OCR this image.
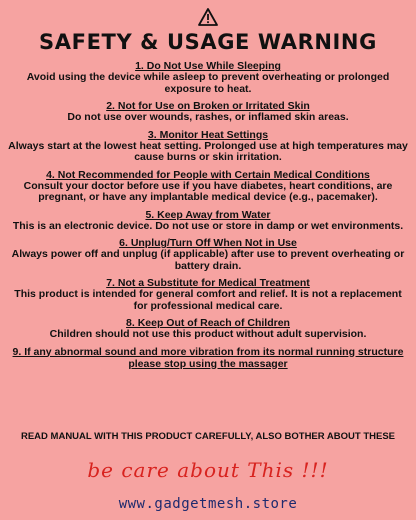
SAFETY & USAGE WARNING
1. Do Not Use While Sleeping
Avoid using the device while asleep to prevent overheating or prolonged exposure to heat.
2. Not for Use on Broken or Irritated Skin
Do not use over wounds, rashes, or inflamed skin areas.
3. Monitor Heat Settings
Always start at the lowest heat setting. Prolonged use at high temperatures may cause burns or skin irritation.
4. Not Recommended for People with Certain Medical Conditions
Consult your doctor before use if you have diabetes, heart conditions, are pregnant, or have any implantable medical device (e.g., pacemaker).
5. Keep Away from Water
This is an electronic device. Do not use or store in damp or wet environments.
6. Unplug/Turn Off When Not in Use
Always power off and unplug (if applicable) after use to prevent overheating or battery drain.
7. Not a Substitute for Medical Treatment
This product is intended for general comfort and relief. It is not a replacement for professional medical care.
8. Keep Out of Reach of Children
Children should not use this product without adult supervision.
9. If any abnormal sound and more vibration from its normal running structure please stop using the massager
READ MANUAL WITH THIS PRODUCT CAREFULLY, ALSO BOTHER ABOUT THESE
be care about This !!!
www.gadgetmesh.store
